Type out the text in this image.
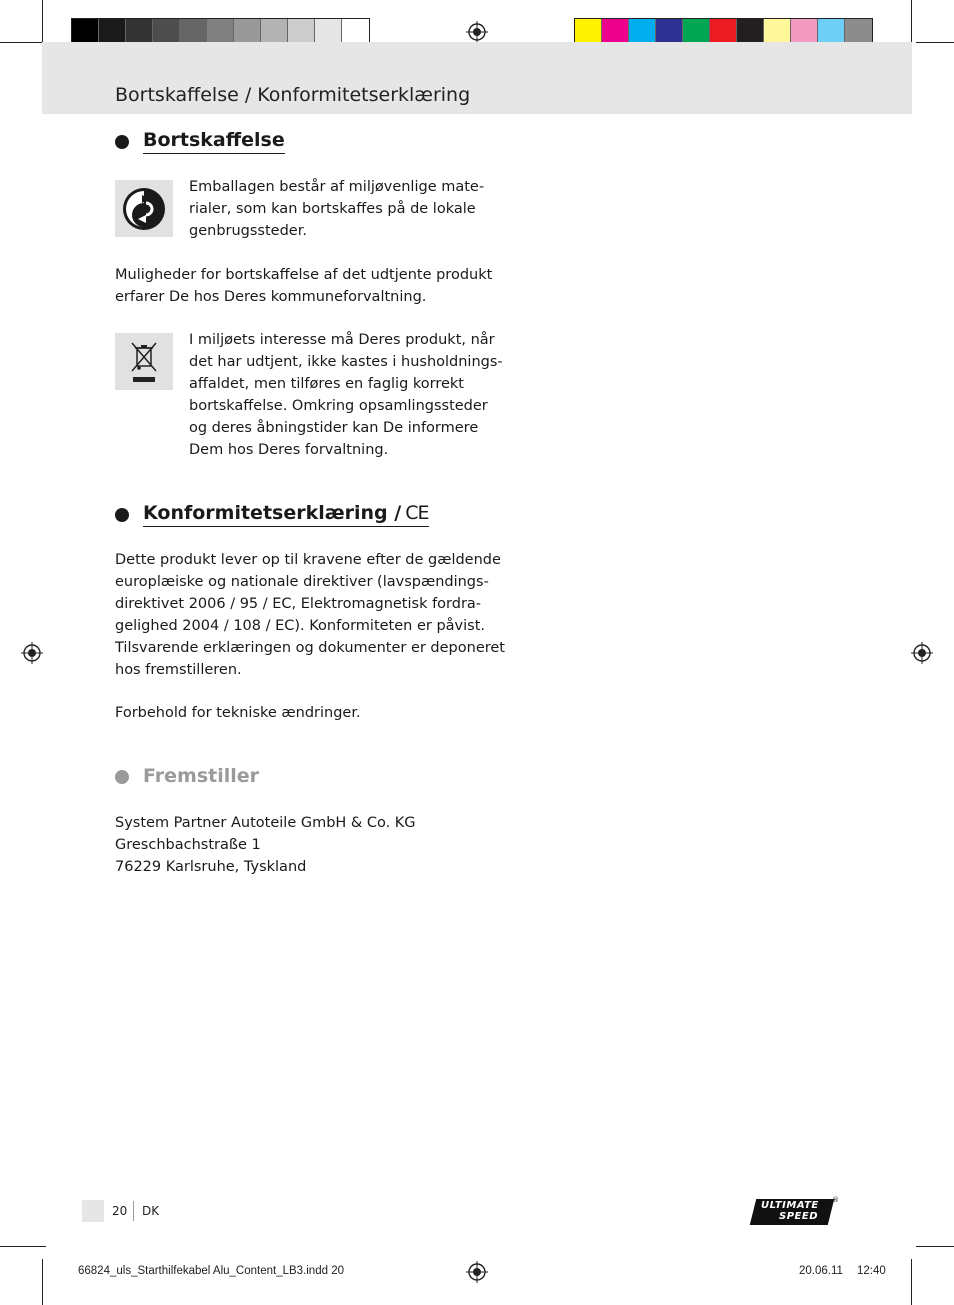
Bortskaffelse / Konformitetserklæring
Bortskaffelse
Emballagen består af miljøvenlige mate-
rialer, som kan bortskaffes på de lokale
genbrugssteder.
Muligheder for bortskaffelse af det udtjente produkt
erfarer De hos Deres kommuneforvaltning.
I miljøets interesse må Deres produkt, når
det har udtjent, ikke kastes i husholdnings-
affaldet, men tilføres en faglig korrekt
bortskaffelse. Omkring opsamlingssteder
og deres åbningstider kan De informere
Dem hos Deres forvaltning.
Konformitetserklæring / CE
Dette produkt lever op til kravene efter de gældende
europlæiske og nationale direktiver (lavspændings-
direktivet 2006 / 95 / EC, Elektromagnetisk fordra-
gelighed 2004 / 108 / EC). Konformiteten er påvist.
Tilsvarende erklæringen og dokumenter er deponeret
hos fremstilleren.
Forbehold for tekniske ændringer.
Fremstiller
System Partner Autoteile GmbH & Co. KG
Greschbachstraße 1
76229 Karlsruhe, Tyskland
20 DK	ULTIMATE
SPEED
®
66824_uls_Starthilfekabel Alu_Content_LB3.indd 20	20.06.11 12:40
